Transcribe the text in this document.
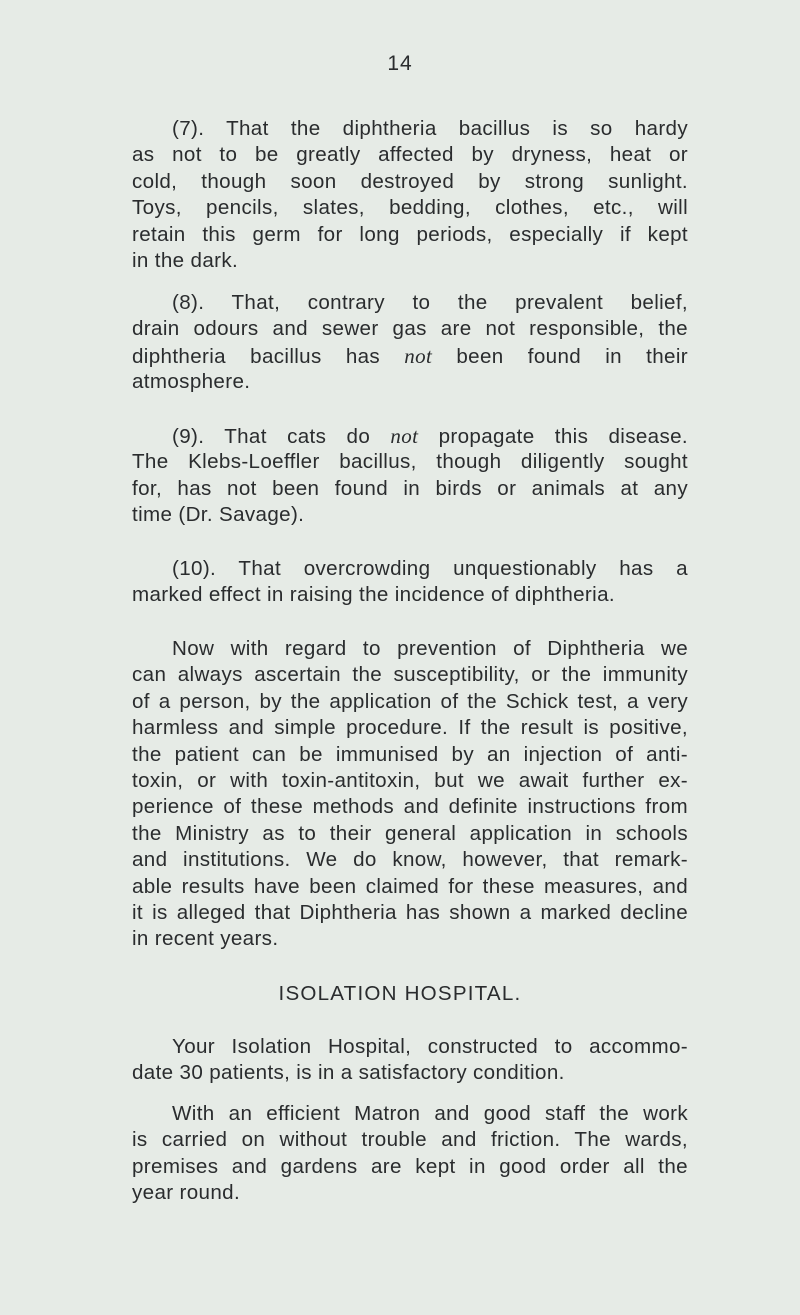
14
(7). That the diphtheria bacillus is so hardy
as not to be greatly affected by dryness, heat or
cold, though soon destroyed by strong sunlight.
Toys, pencils, slates, bedding, clothes, etc., will
retain this germ for long periods, especially if kept
in the dark.
(8). That, contrary to the prevalent belief,
drain odours and sewer gas are not responsible, the
diphtheria bacillus has not been found in their
atmosphere.
(9). That cats do not propagate this disease.
The Klebs-Loeffler bacillus, though diligently sought
for, has not been found in birds or animals at any
time (Dr. Savage).
(10). That overcrowding unquestionably has a
marked effect in raising the incidence of diphtheria.
Now with regard to prevention of Diphtheria we
can always ascertain the susceptibility, or the immunity
of a person, by the application of the Schick test, a very
harmless and simple procedure. If the result is positive,
the patient can be immunised by an injection of anti-
toxin, or with toxin-antitoxin, but we await further ex-
perience of these methods and definite instructions from
the Ministry as to their general application in schools
and institutions. We do know, however, that remark-
able results have been claimed for these measures, and
it is alleged that Diphtheria has shown a marked decline
in recent years.
ISOLATION HOSPITAL.
Your Isolation Hospital, constructed to accommo-
date 30 patients, is in a satisfactory condition.
With an efficient Matron and good staff the work
is carried on without trouble and friction. The wards,
premises and gardens are kept in good order all the
year round.
